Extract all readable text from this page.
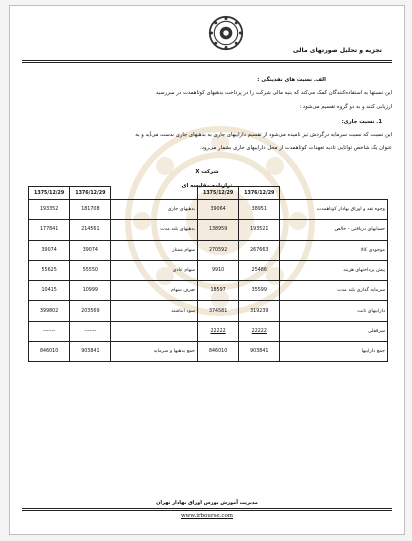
تجزیه و تحلیل صورتهای مالی
الف. نسبت های نقدینگی :
این نسبتها به استفاده‌کنندگان کمک می‌کند که بنیه مالی شرکت را در پرداخت بدهیهای کوتاهمدت در سررسید
ارزیابی کنند و به دو گروه تقسیم می‌شود :
1. نسبت جاری:
این نسبت که نسبت سرمایه درگردش نیز نامیده می‌شود از تقسیم داراییهای جاری به بدهیهای جاری بدست می‌آید و به
عنوان یک شاخص توانایی تادیه تعهدات کوتاهمدت از محل داراییهای جاری بشمار می‌رود.
شرکت X
ترازنامه مقایسه ای
	1376/12/29	1375/12/29		1376/12/29	1375/12/29
وجوه نقد و اوراق بهادار کوتاهمدت	38951	39064	بدهیهای جاری	181708	193352
حسابهای دریافتی - خالص	193521	138959	بدهیهای بلند مدت	214561	177841
موجودی کالا	267663	270592	سهام ممتاز	39074	39074
پیش پرداختهای هزینه	25486	9910	سهام عادی	55550	55625
سرمایه گذاری بلند مدت	35599	18597	صرف سهام	10999	10415
داراییهای ثابت	319239	374581	سود انباشته	203569	399802
سرقفلی	22222	22222		-------	-------
جمع داراییها	903841	846010	جمع بدهیها و سرمایه	903841	846010
مدیریت آموزش بورس اوراق بهادار تهران
www.irbourse.com
